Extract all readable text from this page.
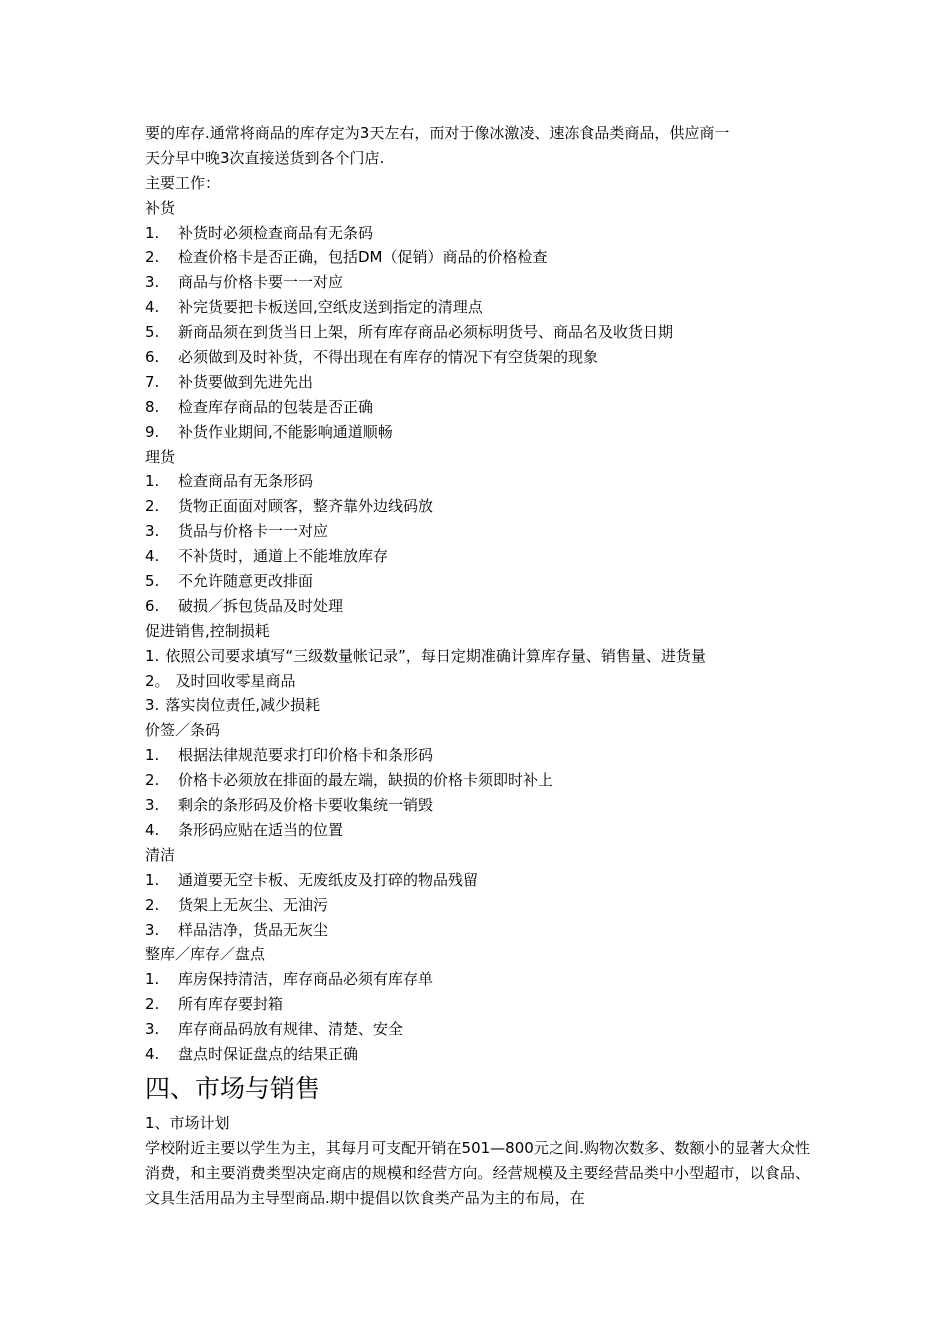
要的库存.通常将商品的库存定为3天左右，而对于像冰激凌、速冻食品类商品，供应商一
天分早中晚3次直接送货到各个门店.
主要工作：
补货
1.	补货时必须检查商品有无条码
2.	检查价格卡是否正确，包括DM（促销）商品的价格检查
3.	商品与价格卡要一一对应
4.	补完货要把卡板送回,空纸皮送到指定的清理点
5.	新商品须在到货当日上架，所有库存商品必须标明货号、商品名及收货日期
6.	必须做到及时补货，不得出现在有库存的情况下有空货架的现象
7.	补货要做到先进先出
8.	检查库存商品的包装是否正确
9.	补货作业期间,不能影响通道顺畅
理货
1.	检查商品有无条形码
2.	货物正面面对顾客，整齐靠外边线码放
3.	货品与价格卡一一对应
4.	不补货时，通道上不能堆放库存
5.	不允许随意更改排面
6.	破损／拆包货品及时处理
促进销售,控制损耗
1. 依照公司要求填写“三级数量帐记录”，每日定期准确计算库存量、销售量、进货量
2。 及时回收零星商品
3. 落实岗位责任,减少损耗
价签／条码
1.	根据法律规范要求打印价格卡和条形码
2.	价格卡必须放在排面的最左端，缺损的价格卡须即时补上
3.	剩余的条形码及价格卡要收集统一销毁
4.	条形码应贴在适当的位置
清洁
1.	通道要无空卡板、无废纸皮及打碎的物品残留
2.	货架上无灰尘、无油污
3.	样品洁净，货品无灰尘
整库／库存／盘点
1.	库房保持清洁，库存商品必须有库存单
2.	所有库存要封箱
3.	库存商品码放有规律、清楚、安全
4.	盘点时保证盘点的结果正确
四、市场与销售
1、市场计划
学校附近主要以学生为主，其每月可支配开销在501—800元之间.购物次数多、数额小的显著大众性消费，和主要消费类型决定商店的规模和经营方向。经营规模及主要经营品类中小型超市，以食品、文具生活用品为主导型商品.期中提倡以饮食类产品为主的布局，在
